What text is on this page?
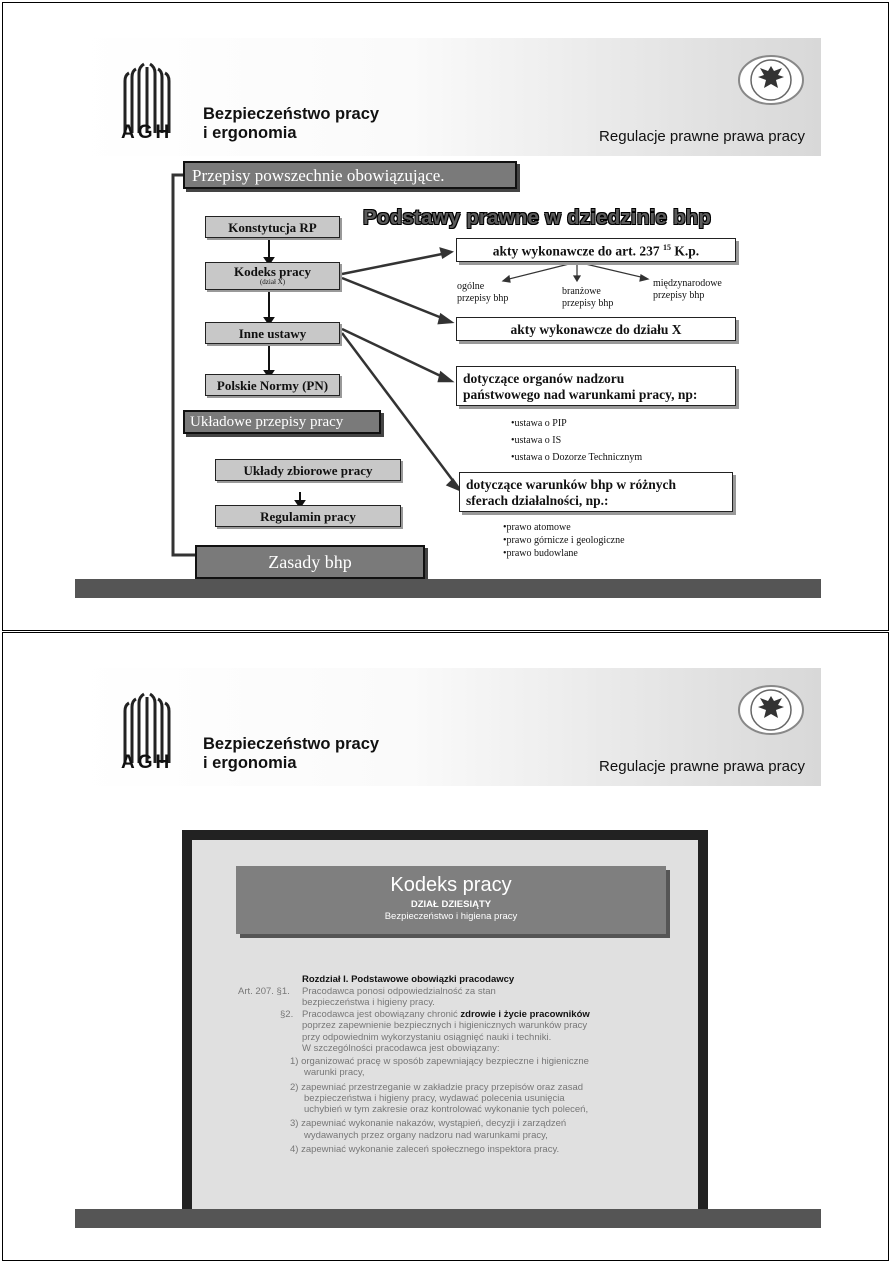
AGH
Bezpieczeństwo pracy
i ergonomia	Regulacje prawne prawa pracy
Przepisy powszechnie obowiązujące.
Podstawy prawne w dziedzinie bhp
Konstytucja RP
Kodeks pracy
(dział X)
Inne ustawy
Polskie Normy (PN)
Układowe przepisy pracy
Układy zbiorowe pracy
Regulamin pracy
Zasady bhp
akty wykonawcze do art. 237 $^{15}$ K.p.
ogólne
przepisy bhp
branżowe
przepisy bhp
międzynarodowe
przepisy bhp
akty wykonawcze do działu X
dotyczące organów nadzoru
państwowego nad warunkami pracy, np:
•ustawa o PIP
•ustawa o IS
•ustawa o Dozorze Technicznym
dotyczące warunków bhp w różnych
sferach działalności, np.:
•prawo atomowe
•prawo górnicze i geologiczne
•prawo budowlane
AGH
Bezpieczeństwo pracy
i ergonomia	Regulacje prawne prawa pracy
Kodeks pracy
DZIAŁ DZIESIĄTY
Bezpieczeństwo i higiena pracy
Rozdział I. Podstawowe obowiązki pracodawcy
Art. 207. §1. Pracodawca ponosi odpowiedzialność za stan
bezpieczeństwa i higieny pracy.
§2. Pracodawca jest obowiązany chronić zdrowie i życie pracowników
poprzez zapewnienie bezpiecznych i higienicznych warunków pracy
przy odpowiednim wykorzystaniu osiągnięć nauki i techniki.
W szczególności pracodawca jest obowiązany:
1) organizować pracę w sposób zapewniający bezpieczne i higieniczne
warunki pracy,
2) zapewniać przestrzeganie w zakładzie pracy przepisów oraz zasad
bezpieczeństwa i higieny pracy, wydawać polecenia usunięcia
uchybień w tym zakresie oraz kontrolować wykonanie tych poleceń,
3) zapewniać wykonanie nakazów, wystąpień, decyzji i zarządzeń
wydawanych przez organy nadzoru nad warunkami pracy,
4) zapewniać wykonanie zaleceń społecznego inspektora pracy.
